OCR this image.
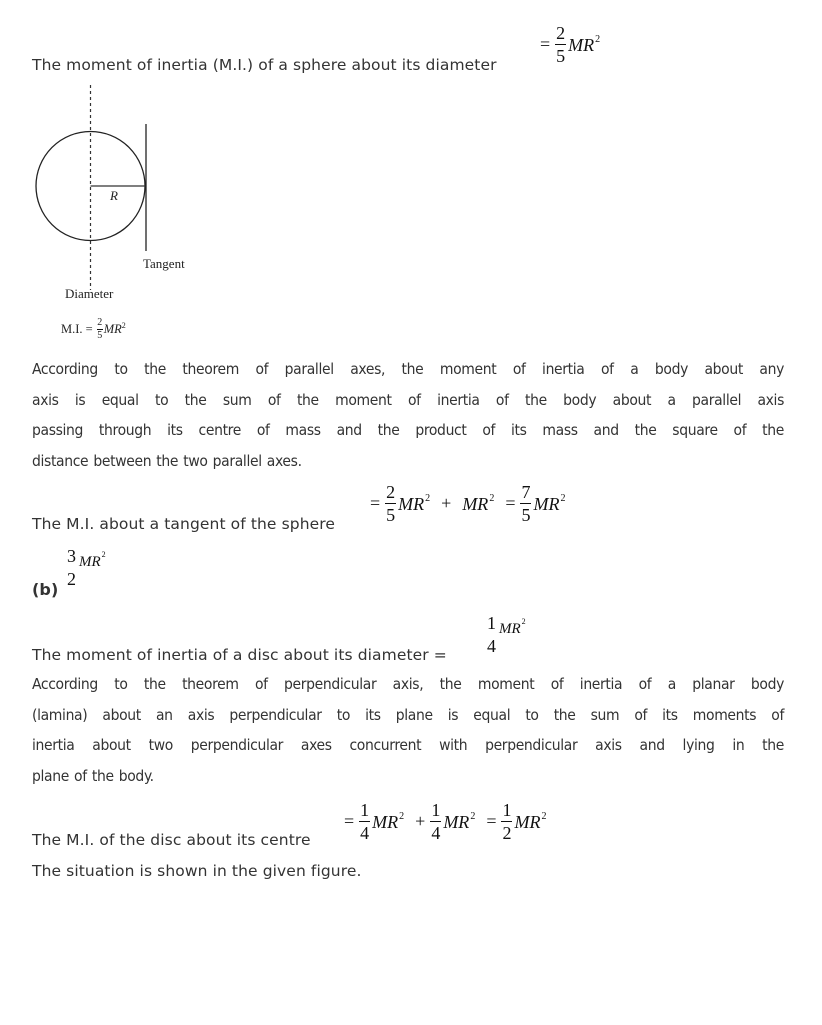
The moment of inertia (M.I.) of a sphere about its diameter
= $\frac{2}{5} MR^2$
R
Tangent
Diameter
M.I. = $\frac{2}{5} MR^2$
According to the theorem of parallel axes, the moment of inertia of a body about any
axis is equal to the sum of the moment of inertia of the body about a parallel axis
passing through its centre of mass and the product of its mass and the square of the
distance between the two parallel axes.
The M.I. about a tangent of the sphere
= $\frac{2}{5} MR^2 + MR^2 = \frac{7}{5} MR^2$
(b)
3
2
$MR^2$
The moment of inertia of a disc about its diameter =
1
4
$MR^2$
According to the theorem of perpendicular axis, the moment of inertia of a planar body
(lamina) about an axis perpendicular to its plane is equal to the sum of its moments of
inertia about two perpendicular axes concurrent with perpendicular axis and lying in the
plane of the body.
The M.I. of the disc about its centre
= $\frac{1}{4} MR^2 + \frac{1}{4} MR^2 = \frac{1}{2} MR^2$
The situation is shown in the given figure.
